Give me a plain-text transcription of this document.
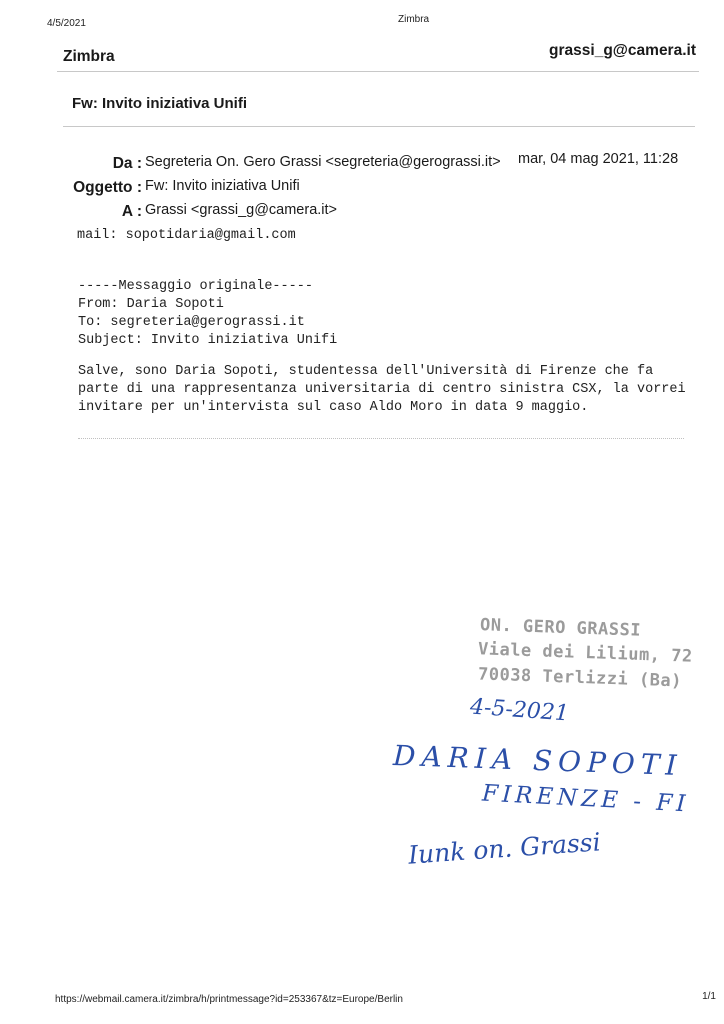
4/5/2021	Zimbra
Zimbra	grassi_g@camera.it
Fw: Invito iniziativa Unifi
Da : Segreteria On. Gero Grassi <segreteria@gerograssi.it> mar, 04 mag 2021, 11:28
Oggetto : Fw: Invito iniziativa Unifi
A : Grassi <grassi_g@camera.it>
mail: sopotidaria@gmail.com
-----Messaggio originale-----
From: Daria Sopoti
To: segreteria@gerograssi.it
Subject: Invito iniziativa Unifi
Salve, sono Daria Sopoti, studentessa dell'Università di Firenze che fa
parte di una rappresentanza universitaria di centro sinistra CSX, la vorrei
invitare per un'intervista sul caso Aldo Moro in data 9 maggio.
ON. GERO GRASSI
Viale dei Lilium, 72
70038 Terlizzi (Ba)
4-5-2021
DARIA SOPOTI
FIRENZE - FI
Iunk on. Grassi
https://webmail.camera.it/zimbra/h/printmessage?id=253367&tz=Europe/Berlin	1/1
